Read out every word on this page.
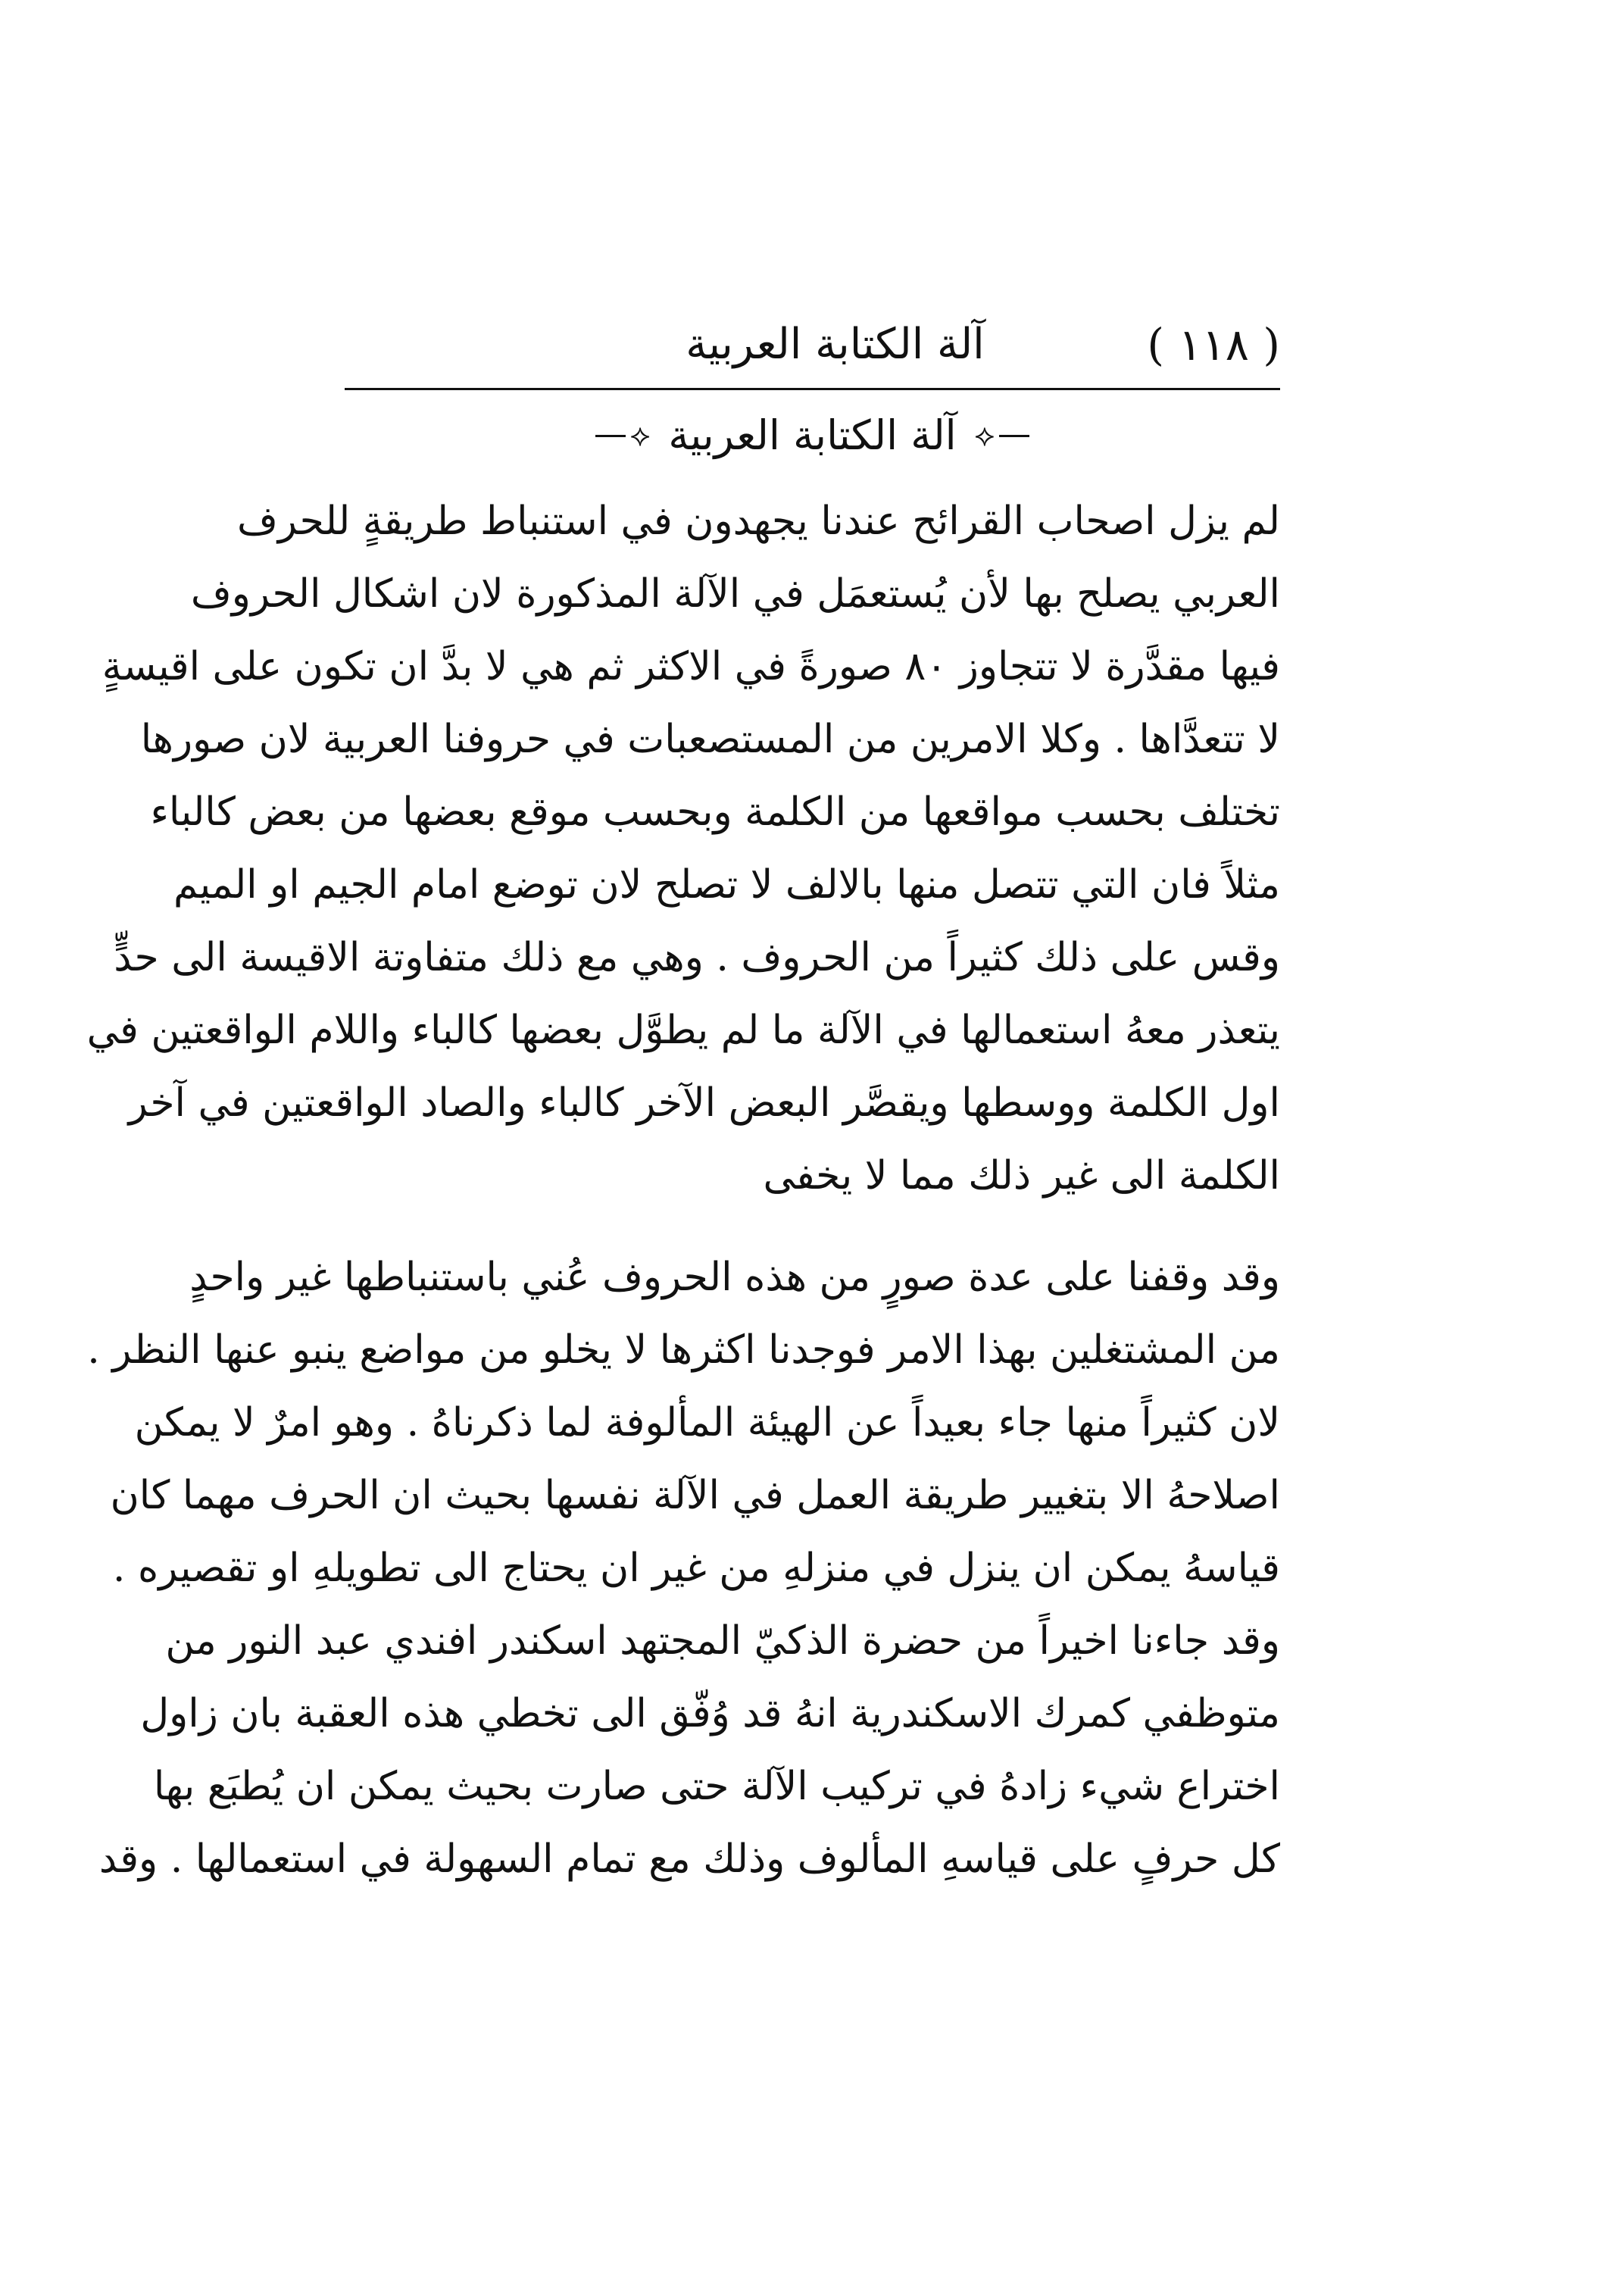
( ١١٨ )
آلة الكتابة العربية
⟡
آلة الكتابة العربية
⟡
لم يزل اصحاب القرائح عندنا يجهدون في استنباط طريقةٍ للحرف
العربي يصلح بها لأن يُستعمَل في الآلة المذكورة لان اشكال الحروف
فيها مقدَّرة لا تتجاوز ٨٠ صورةً في الاكثر ثم هي لا بدَّ ان تكون على اقيسةٍ
لا تتعدَّاها . وكلا الامرين من المستصعبات في حروفنا العربية لان صورها
تختلف بحسب مواقعها من الكلمة وبحسب موقع بعضها من بعض كالباء
مثلاً فان التي تتصل منها بالالف لا تصلح لان توضع امام الجيم او الميم
وقس على ذلك كثيراً من الحروف . وهي مع ذلك متفاوتة الاقيسة الى حدٍّ
يتعذر معهُ استعمالها في الآلة ما لم يطوَّل بعضها كالباء واللام الواقعتين في
اول الكلمة ووسطها ويقصَّر البعض الآخر كالباء والصاد الواقعتين في آخر
الكلمة الى غير ذلك مما لا يخفى
وقد وقفنا على عدة صورٍ من هذه الحروف عُني باستنباطها غير واحدٍ
من المشتغلين بهذا الامر فوجدنا اكثرها لا يخلو من مواضع ينبو عنها النظر .
لان كثيراً منها جاء بعيداً عن الهيئة المألوفة لما ذكرناهُ . وهو امرٌ لا يمكن
اصلاحهُ الا بتغيير طريقة العمل في الآلة نفسها بحيث ان الحرف مهما كان
قياسهُ يمكن ان ينزل في منزلهِ من غير ان يحتاج الى تطويلهِ او تقصيره .
وقد جاءنا اخيراً من حضرة الذكيّ المجتهد اسكندر افندي عبد النور من
متوظفي كمرك الاسكندرية انهُ قد وُفّق الى تخطي هذه العقبة بان زاول
اختراع شيء زادهُ في تركيب الآلة حتى صارت بحيث يمكن ان يُطبَع بها
كل حرفٍ على قياسهِ المألوف وذلك مع تمام السهولة في استعمالها . وقد
